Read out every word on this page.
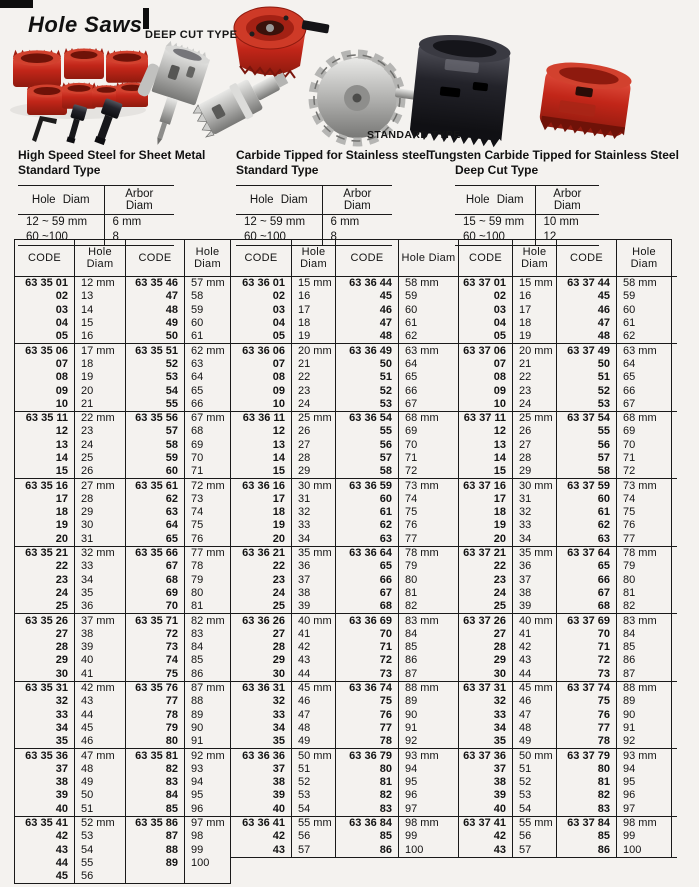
Hole Saws DEEP CUT TYPE
STANDARD TYPE
High Speed Steel for Sheet Metal
Standard Type
Hole Diam	Arbor Diam
12 ~ 59 mm	6 mm
60 ~100	8
Carbide Tipped for Stainless steel
Standard Type
Hole Diam	Arbor Diam
12 ~ 59 mm	6 mm
60 ~100	8
Tungsten Carbide Tipped for Stainless Steel
Deep Cut Type
Hole Diam	Arbor Diam
15 ~ 59 mm	10 mm
60 ~100	12
CODE	Hole Diam	CODE	Hole Diam
63 35 01	12 mm	63 35 46	57 mm
02	13	47	58
03	14	48	59
04	15	49	60
05	16	50	61
63 35 06	17 mm	63 35 51	62 mm
07	18	52	63
08	19	53	64
09	20	54	65
10	21	55	66
63 35 11	22 mm	63 35 56	67 mm
12	23	57	68
13	24	58	69
14	25	59	70
15	26	60	71
63 35 16	27 mm	63 35 61	72 mm
17	28	62	73
18	29	63	74
19	30	64	75
20	31	65	76
63 35 21	32 mm	63 35 66	77 mm
22	33	67	78
23	34	68	79
24	35	69	80
25	36	70	81
63 35 26	37 mm	63 35 71	82 mm
27	38	72	83
28	39	73	84
29	40	74	85
30	41	75	86
63 35 31	42 mm	63 35 76	87 mm
32	43	77	88
33	44	78	89
34	45	79	90
35	46	80	91
63 35 36	47 mm	63 35 81	92 mm
37	48	82	93
38	49	83	94
39	50	84	95
40	51	85	96
63 35 41	52 mm	63 35 86	97 mm
42	53	87	98
43	54	88	99
44	55	89	100
45	56		
CODE	Hole Diam	CODE	Hole Diam
63 36 01	15 mm	63 36 44	58 mm
02	16	45	59
03	17	46	60
04	18	47	61
05	19	48	62
63 36 06	20 mm	63 36 49	63 mm
07	21	50	64
08	22	51	65
09	23	52	66
10	24	53	67
63 36 11	25 mm	63 36 54	68 mm
12	26	55	69
13	27	56	70
14	28	57	71
15	29	58	72
63 36 16	30 mm	63 36 59	73 mm
17	31	60	74
18	32	61	75
19	33	62	76
20	34	63	77
63 36 21	35 mm	63 36 64	78 mm
22	36	65	79
23	37	66	80
24	38	67	81
25	39	68	82
63 36 26	40 mm	63 36 69	83 mm
27	41	70	84
28	42	71	85
29	43	72	86
30	44	73	87
63 36 31	45 mm	63 36 74	88 mm
32	46	75	89
33	47	76	90
34	48	77	91
35	49	78	92
63 36 36	50 mm	63 36 79	93 mm
37	51	80	94
38	52	81	95
39	53	82	96
40	54	83	97
63 36 41	55 mm	63 36 84	98 mm
42	56	85	99
43	57	86	100
CODE	Hole Diam	CODE	Hole Diam	
63 37 01	15 mm	63 37 44	58 mm	
02	16	45	59	
03	17	46	60	
04	18	47	61	
05	19	48	62	
63 37 06	20 mm	63 37 49	63 mm	
07	21	50	64	
08	22	51	65	
09	23	52	66	
10	24	53	67	
63 37 11	25 mm	63 37 54	68 mm	
12	26	55	69	
13	27	56	70	
14	28	57	71	
15	29	58	72	
63 37 16	30 mm	63 37 59	73 mm	
17	31	60	74	
18	32	61	75	
19	33	62	76	
20	34	63	77	
63 37 21	35 mm	63 37 64	78 mm	
22	36	65	79	
23	37	66	80	
24	38	67	81	
25	39	68	82	
63 37 26	40 mm	63 37 69	83 mm	
27	41	70	84	
28	42	71	85	
29	43	72	86	
30	44	73	87	
63 37 31	45 mm	63 37 74	88 mm	
32	46	75	89	
33	47	76	90	
34	48	77	91	
35	49	78	92	
63 37 36	50 mm	63 37 79	93 mm	
37	51	80	94	
38	52	81	95	
39	53	82	96	
40	54	83	97	
63 37 41	55 mm	63 37 84	98 mm	
42	56	85	99	
43	57	86	100	
